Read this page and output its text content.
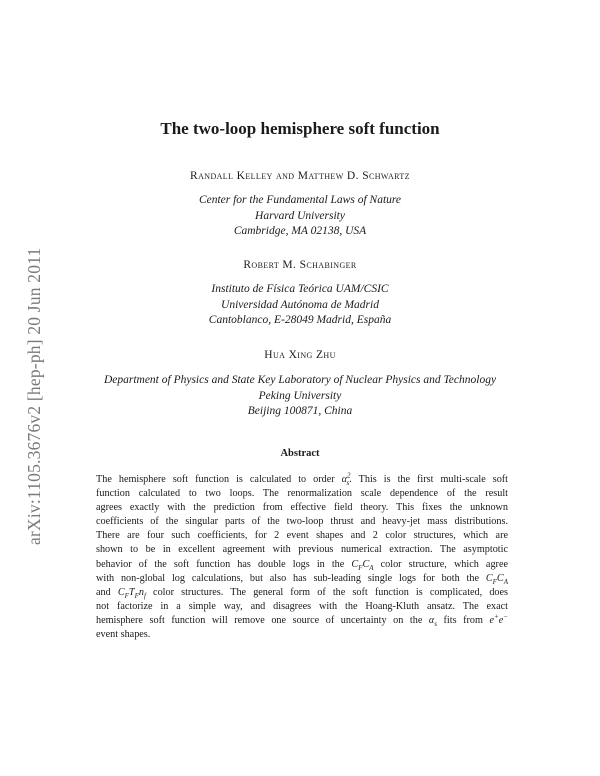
arXiv:1105.3676v2 [hep-ph] 20 Jun 2011
The two-loop hemisphere soft function
Randall Kelley and Matthew D. Schwartz
Center for the Fundamental Laws of Nature
Harvard University
Cambridge, MA 02138, USA
Robert M. Schabinger
Instituto de Física Teórica UAM/CSIC
Universidad Autónoma de Madrid
Cantoblanco, E-28049 Madrid, España
Hua Xing Zhu
Department of Physics and State Key Laboratory of Nuclear Physics and Technology
Peking University
Beijing 100871, China
Abstract
The hemisphere soft function is calculated to order $\alpha^2_s$. This is the first multi-scale soft
function calculated to two loops. The renormalization scale dependence of the result
agrees exactly with the prediction from effective field theory. This fixes the unknown
coefficients of the singular parts of the two-loop thrust and heavy-jet mass distributions.
There are four such coefficients, for 2 event shapes and 2 color structures, which are
shown to be in excellent agreement with previous numerical extraction. The asymptotic
behavior of the soft function has double logs in the $C_FC_A$ color structure, which agree
with non-global log calculations, but also has sub-leading single logs for both the $C_FC_A$
and $C_FT_Fn_f$ color structures. The general form of the soft function is complicated, does
not factorize in a simple way, and disagrees with the Hoang-Kluth ansatz. The exact
hemisphere soft function will remove one source of uncertainty on the $\alpha_s$ fits from e+e−
event shapes.
